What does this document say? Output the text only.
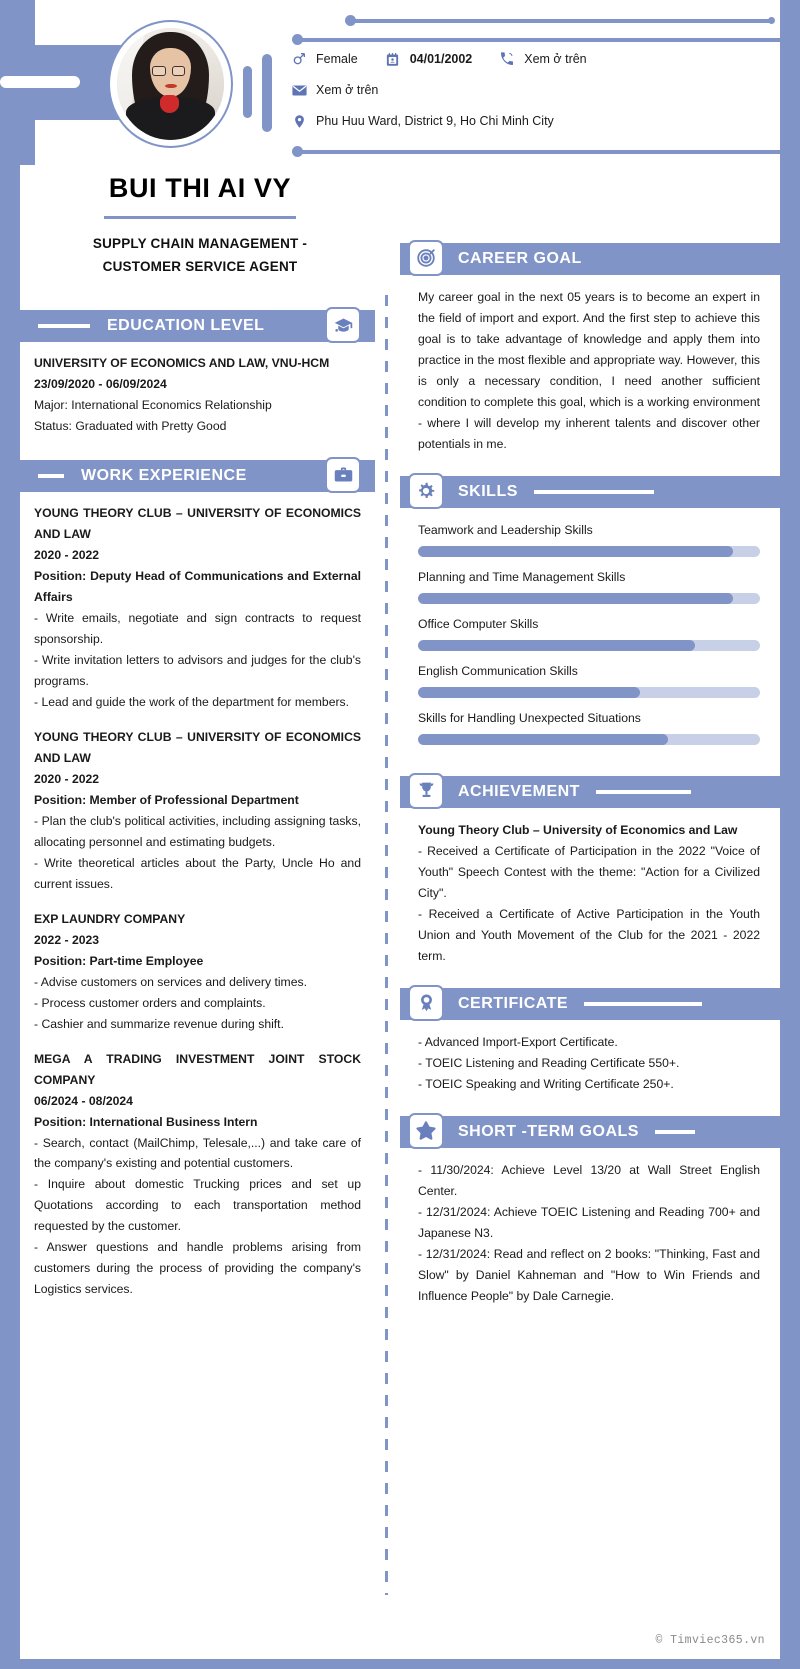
Female	04/01/2002	Xem ở trên
Xem ở trên
Phu Huu Ward, District 9, Ho Chi Minh City
BUI THI AI VY
SUPPLY CHAIN MANAGEMENT -
CUSTOMER SERVICE AGENT
EDUCATION LEVEL
UNIVERSITY OF ECONOMICS AND LAW, VNU-HCM
23/09/2020 - 06/09/2024
Major: International Economics Relationship
Status: Graduated with Pretty Good
WORK EXPERIENCE
YOUNG THEORY CLUB – UNIVERSITY OF ECONOMICS AND LAW
2020 - 2022
Position: Deputy Head of Communications and External Affairs
- Write emails, negotiate and sign contracts to request sponsorship.
- Write invitation letters to advisors and judges for the club's programs.
- Lead and guide the work of the department for members.
YOUNG THEORY CLUB – UNIVERSITY OF ECONOMICS AND LAW
2020 - 2022
Position: Member of Professional Department
- Plan the club's political activities, including assigning tasks, allocating personnel and estimating budgets.
- Write theoretical articles about the Party, Uncle Ho and current issues.
EXP LAUNDRY COMPANY
2022 - 2023
Position: Part-time Employee
- Advise customers on services and delivery times.
- Process customer orders and complaints.
- Cashier and summarize revenue during shift.
MEGA A TRADING INVESTMENT JOINT STOCK COMPANY
06/2024 - 08/2024
Position: International Business Intern
- Search, contact (MailChimp, Telesale,...) and take care of the company's existing and potential customers.
- Inquire about domestic Trucking prices and set up Quotations according to each transportation method requested by the customer.
- Answer questions and handle problems arising from customers during the process of providing the company's Logistics services.
CAREER GOAL
My career goal in the next 05 years is to become an expert in the field of import and export. And the first step to achieve this goal is to take advantage of knowledge and apply them into practice in the most flexible and appropriate way. However, this is only a necessary condition, I need another sufficient condition to complete this goal, which is a working environment - where I will develop my inherent talents and discover other potentials in me.
SKILLS
Teamwork and Leadership Skills
Planning and Time Management Skills
Office Computer Skills
English Communication Skills
Skills for Handling Unexpected Situations
ACHIEVEMENT
Young Theory Club – University of Economics and Law
- Received a Certificate of Participation in the 2022 "Voice of Youth" Speech Contest with the theme: "Action for a Civilized City".
- Received a Certificate of Active Participation in the Youth Union and Youth Movement of the Club for the 2021 - 2022 term.
CERTIFICATE
- Advanced Import-Export Certificate.
- TOEIC Listening and Reading Certificate 550+.
- TOEIC Speaking and Writing Certificate 250+.
SHORT -TERM GOALS
- 11/30/2024: Achieve Level 13/20 at Wall Street English Center.
- 12/31/2024: Achieve TOEIC Listening and Reading 700+ and Japanese N3.
- 12/31/2024: Read and reflect on 2 books: "Thinking, Fast and Slow" by Daniel Kahneman and "How to Win Friends and Influence People" by Dale Carnegie.
© Timviec365.vn
